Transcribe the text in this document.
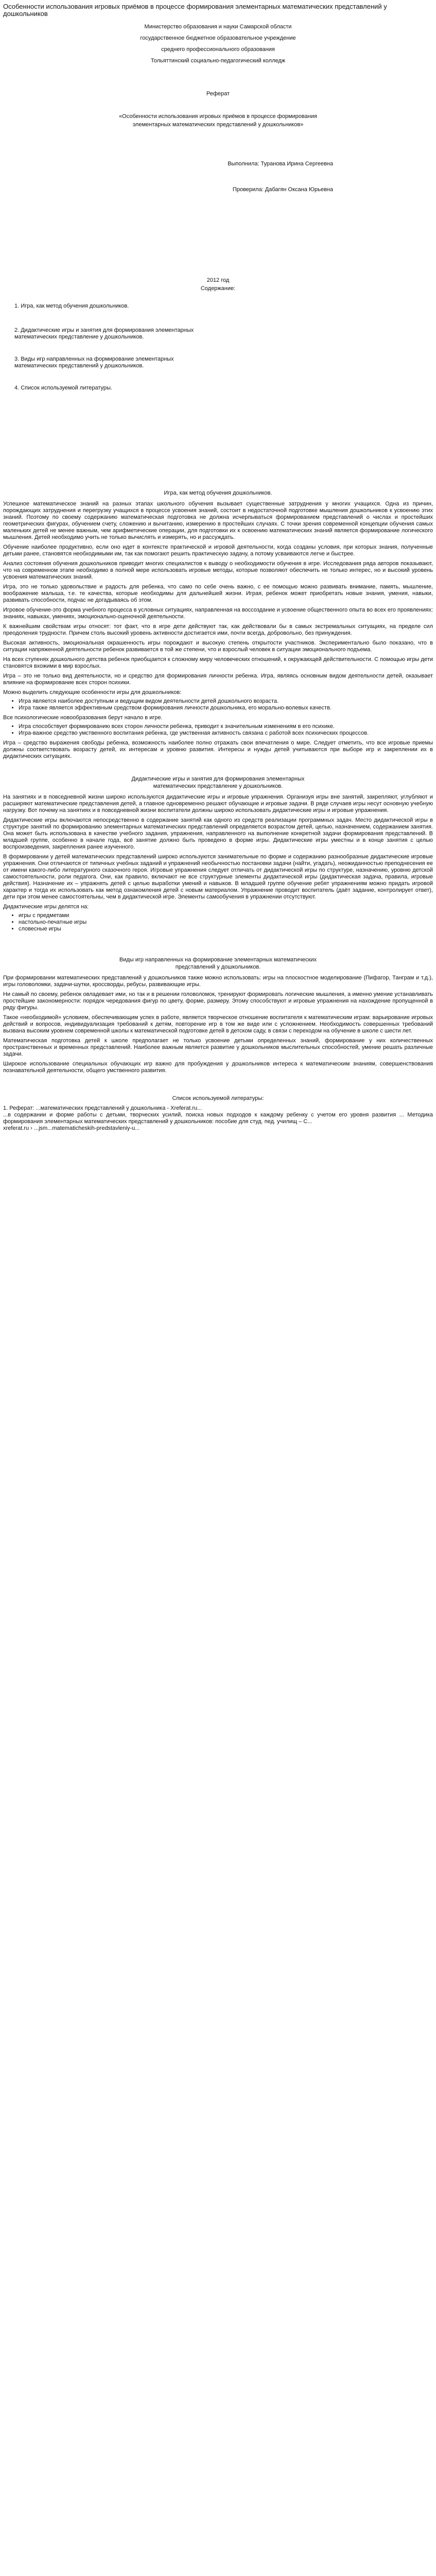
Особенности использования игровых приёмов в процессе формирования элементарных математических представлений у дошкольников
Министерство образования и науки Самарской области
государственное бюджетное образовательное учреждение
среднего профессионального образования
Тольяттинский социально-педагогический колледж
Реферат
«Особенности использования игровых приёмов в процессе формирования
элементарных математических представлений у дошкольников»
Выполнила: Туранова Ирина Сергеевна
Проверила: Дабагян Оксана Юрьевна
2012 год
Содержание:
1. Игра, как метод обучения дошкольников.
2. Дидактические игры и занятия для формирования элементарных математических представление у дошкольников.
3. Виды игр направленных на формирование элементарных математических представлений у дошкольников.
4. Список используемой литературы.
Игра, как метод обучения дошкольников.
Успешное математическое знаний на разных этапах школьного обучения вызывает существенные затруднения у многих учащихся. Одна из причин, порождающих затруднения и перегрузку учащихся в процессе усвоения знаний, состоит в недостаточной подготовке мышления дошкольников к усвоению этих знаний. Поэтому по своему содержанию математическая подготовка не должна исчерпываться формированием представлений о числах и простейших геометрических фигурах, обучением счету, сложению и вычитанию, измерению в простейших случаях. С точки зрения современной концепции обучения самых маленьких детей не менее важным, чем арифметические операции, для подготовки их к освоению математических знаний является формирование логического мышления. Детей необходимо учить не только вычислять и измерять, но и рассуждать.
Обучение наиболее продуктивно, если оно идет в контексте практической и игровой деятельности, когда созданы условия, при которых знания, полученные детьми ранее, становятся необходимыми им, так как помогают решить практическую задачу, а потому усваиваются легче и быстрее.
Анализ состояния обучения дошкольников приводит многих специалистов к выводу о необходимости обучения в игре. Исследования ряда авторов показывают, что на современном этапе необходимо в полной мере использовать игровые методы, которые позволяют обеспечить не только интерес, но и высокий уровень усвоения математических знаний.
Игра, это не только удовольствие и радость для ребенка, что само по себе очень важно, с ее помощью можно развивать внимание, память, мышление, воображение малыша, т.е. те качества, которые необходимы для дальнейшей жизни. Играя, ребенок может приобретать новые знания, умения, навыки, развивать способности, подчас не догадываясь об этом.
Игровое обучение-это форма учебного процесса в условных ситуациях, направленная на воссоздание и усвоение общественного опыта во всех его проявлениях: знаниях, навыках, умениях, эмоционально-оценочной деятельности.
К важнейшим свойствам игры относят: тот факт, что в игре дети действуют так, как действовали бы в самых экстремальных ситуациях, на пределе сил преодоления трудности. Причем столь высокий уровень активности достигается ими, почти всегда, добровольно, без принуждения.
Высокая активность, эмоциональная окрашенность игры порождают и высокую степень открытости участников. Экспериментально было показано, что в ситуации напряженной деятельности ребенок развивается в той же степени, что и взрослый человек в ситуации эмоционального подъема.
На всех ступенях дошкольного детства ребенок приобщается к сложному миру человеческих отношений, к окружающей действительности. С помощью игры дети становятся вхожими в мир взрослых.
Игра – это не только вид деятельности, но и средство для формирования личности ребенка. Игра, являясь основным видом деятельности детей, оказывает влияние на формирование всех сторон психики.
Можно выделить следующие особенности игры для дошкольников:
• Игра является наиболее доступным и ведущим видом деятельности детей дошкольного возраста.
• Игра также является эффективным средством формирования личности дошкольника, его морально-волевых качеств.
Все психологические новообразования берут начало в игре.
• Игра способствует формированию всех сторон личности ребенка, приводит к значительным изменениям в его психике.
• Игра-важное средство умственного воспитания ребенка, где умственная активность связана с работой всех психических процессов.
Игра – средство выражения свободы ребенка, возможность наиболее полно отражать свои впечатления о мире. Следует отметить, что все игровые приемы должны соответствовать возрасту детей, их интересам и уровню развития. Интересы и нужды детей учитываются при выборе игр и закреплении их в дидактических ситуациях.
Дидактические игры и занятия для формирования элементарных
математических представление у дошкольников.
На занятиях и в повседневной жизни широко используются дидактические игры и игровые упражнения. Организуя игры вне занятий, закрепляют, углубляют и расширяют математические представления детей, а главное одновременно решают обучающие и игровые задачи. В ряде случаев игры несут основную учебную нагрузку. Вот почему на занятиях и в повседневной жизни воспитатели должны широко использовать дидактические игры и игровые упражнения.
Дидактические игры включаются непосредственно в содержание занятий как одного из средств реализации программных задач. Место дидактической игры в структуре занятий по формированию элементарных математических представлений определяется возрастом детей, целью, назначением, содержанием занятия. Она может быть использована в качестве учебного задания, упражнения, направленного на выполнение конкретной задачи формирования представлений. В младшей группе, особенно в начале года, всё занятие должно быть проведено в форме игры. Дидактические игры уместны и в конце занятия с целью воспроизведения, закрепления ранее изученного.
В формировании у детей математических представлений широко используются занимательные по форме и содержанию разнообразные дидактические игровые упражнения. Они отличаются от типичных учебных заданий и упражнений необычностью постановки задачи (найти, угадать), неожиданностью преподнесения ее от имени какого-либо литературного сказочного героя. Игровые упражнения следует отличать от дидактической игры по структуре, назначению, уровню детской самостоятельности, роли педагога. Они, как правило, включают не все структурные элементы дидактической игры (дидактическая задача, правила, игровые действия). Назначение их – упражнять детей с целью выработки умений и навыков. В младшей группе обучение ребят упражнениям можно придать игровой характер и тогда их использовать как метод ознакомления детей с новым материалом. Упражнение проводит воспитатель (даёт задание, контролирует ответ), дети при этом менее самостоятельны, чем в дидактической игре. Элементы самообучения в упражнении отсутствуют.
Дидактические игры делятся на:
• игры с предметами
• настольно-печатные игры
• словесные игры
Виды игр направленных на формирование элементарных математических
представлений у дошкольников.
При формировании математических представлений у дошкольников также можно использовать: игры на плоскостное моделирование (Пифагор, Танграм и т.д.), игры головоломки, задачи-шутки, кроссворды, ребусы, развивающие игры.
Ни самый по своему, ребенок овладевает ими, но так и в решении головоломок, тренируют формировать логические мышления, а именно умение устанавливать простейшие закономерности: порядок чередования фигур по цвету, форме, размеру. Этому способствуют и игровые упражнения на нахождение пропущенной в ряду фигуры.
Такое «необходимой» условием, обеспечивающим успех в работе, является творческое отношение воспитателя к математическим играм: варьирование игровых действий и вопросов, индивидуализация требований к детям, повторение игр в том же виде или с усложнением. Необходимость совершенных требований вызвана высоким уровнем современной школы к математической подготовке детей в детском саду, в связи с переходом на обучение в школе с шести лет.
Математическая подготовка детей к школе предполагает не только усвоение детьми определенных знаний, формирование у них количественных пространственных и временных представлений. Наиболее важным является развитие у дошкольников мыслительных способностей, умение решать различные задачи.
Широкое использование специальных обучающих игр важно для пробуждения у дошкольников интереса к математическим знаниям, совершенствования познавательной деятельности, общего умственного развития.
Список используемой литературы:
1. Реферат: ...математических представлений у дошкольника - Xreferat.ru...
...в содержании и форме работы с детьми, творческих усилий, поиска новых подходов к каждому ребенку с учетом его уровня развития ... Методика формирования элементарных математических представлений у дошкольников: пособие для студ. пед. училищ – С...
xreferat.ru › ...jsm...matematicheskih-predstavleniy-u...
